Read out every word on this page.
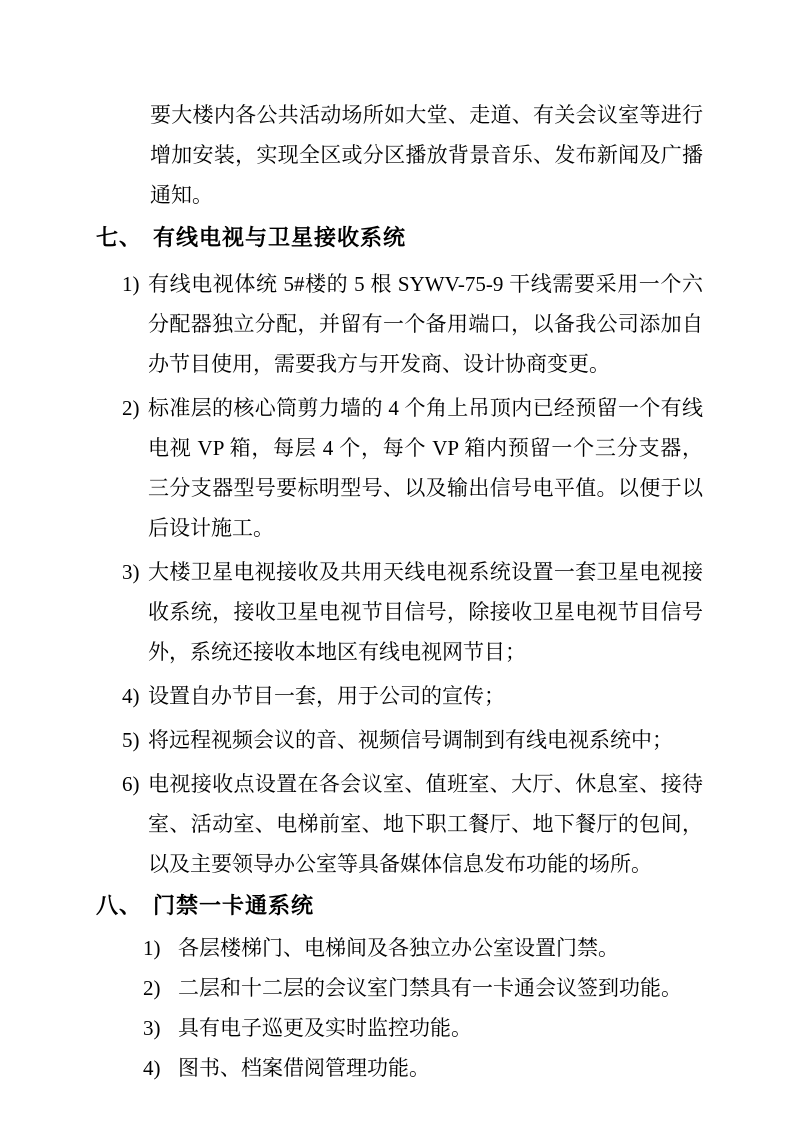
要大楼内各公共活动场所如大堂、走道、有关会议室等进行增加安装，实现全区或分区播放背景音乐、发布新闻及广播通知。

七、 有线电视与卫星接收系统
1) 有线电视体统 5#楼的 5 根 SYWV-75-9 干线需要采用一个六分配器独立分配，并留有一个备用端口，以备我公司添加自办节目使用，需要我方与开发商、设计协商变更。
2) 标准层的核心筒剪力墙的 4 个角上吊顶内已经预留一个有线电视 VP 箱，每层 4 个，每个 VP 箱内预留一个三分支器，三分支器型号要标明型号、以及输出信号电平值。以便于以后设计施工。
3) 大楼卫星电视接收及共用天线电视系统设置一套卫星电视接收系统，接收卫星电视节目信号，除接收卫星电视节目信号外，系统还接收本地区有线电视网节目；
4) 设置自办节目一套，用于公司的宣传；
5) 将远程视频会议的音、视频信号调制到有线电视系统中；
6) 电视接收点设置在各会议室、值班室、大厅、休息室、接待室、活动室、电梯前室、地下职工餐厅、地下餐厅的包间，以及主要领导办公室等具备媒体信息发布功能的场所。
八、 门禁一卡通系统
1) 各层楼梯门、电梯间及各独立办公室设置门禁。
2) 二层和十二层的会议室门禁具有一卡通会议签到功能。
3) 具有电子巡更及实时监控功能。
4) 图书、档案借阅管理功能。
